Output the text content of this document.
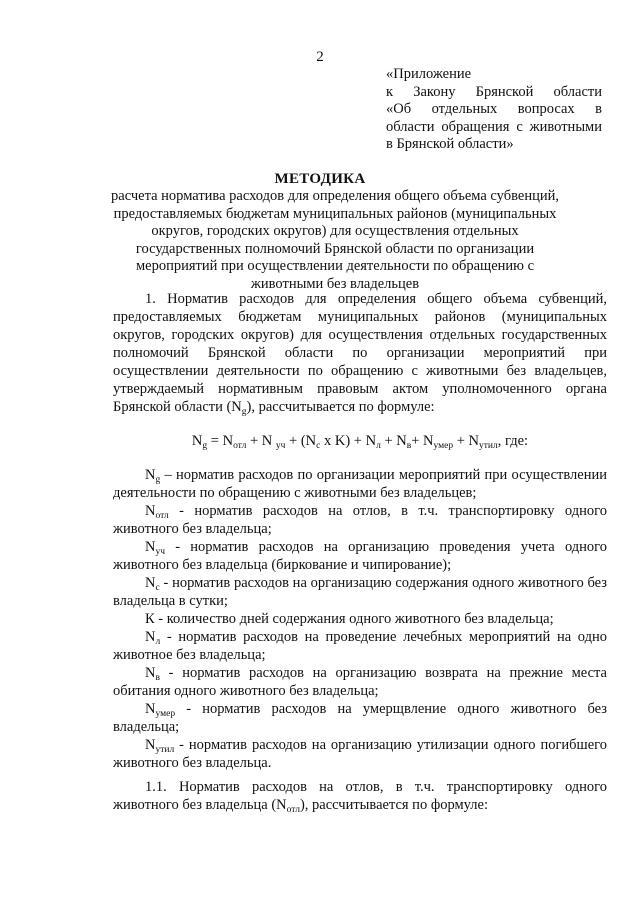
2
«Приложение
к Закону Брянской области
«Об отдельных вопросах в
области обращения с животными
в Брянской области»
МЕТОДИКА
расчета норматива расходов для определения общего объема субвенций, предоставляемых бюджетам муниципальных районов (муниципальных округов, городских округов) для осуществления отдельных государственных полномочий Брянской области по организации мероприятий при осуществлении деятельности по обращению с животными без владельцев

1. Норматив расходов для определения общего объема субвенций, предоставляемых бюджетам муниципальных районов (муниципальных округов, городских округов) для осуществления отдельных государственных полномочий Брянской области по организации мероприятий при осуществлении деятельности по обращению с животными без владельцев, утверждаемый нормативным правовым актом уполномоченного органа Брянской области $(N_g)$, рассчитывается по формуле:

$N_g = N_{отл} + N$ $_{уч} + (N_с$ x $K) + N_л + N_в+ N_{умер} + N_{утил}$, где:

$N_g$ – норматив расходов по организации мероприятий при осуществлении деятельности по обращению с животными без владельцев;

$N_{отл}$ - норматив расходов на отлов, в т.ч. транспортировку одного животного без владельца;

$N_{уч}$ - норматив расходов на организацию проведения учета одного животного без владельца (биркование и чипирование);

$N_с$ - норматив расходов на организацию содержания одного животного без владельца в сутки;

К - количество дней содержания одного животного без владельца;

$N_л$ - норматив расходов на проведение лечебных мероприятий на одно животное без владельца;

$N_в$ - норматив расходов на организацию возврата на прежние места обитания одного животного без владельца;

$N_{умер}$ - норматив расходов на умерщвление одного животного без владельца;

$N_{утил}$ - норматив расходов на организацию утилизации одного погибшего животного без владельца.

1.1. Норматив расходов на отлов, в т.ч. транспортировку одного животного без владельца $(N_{отл})$, рассчитывается по формуле:
